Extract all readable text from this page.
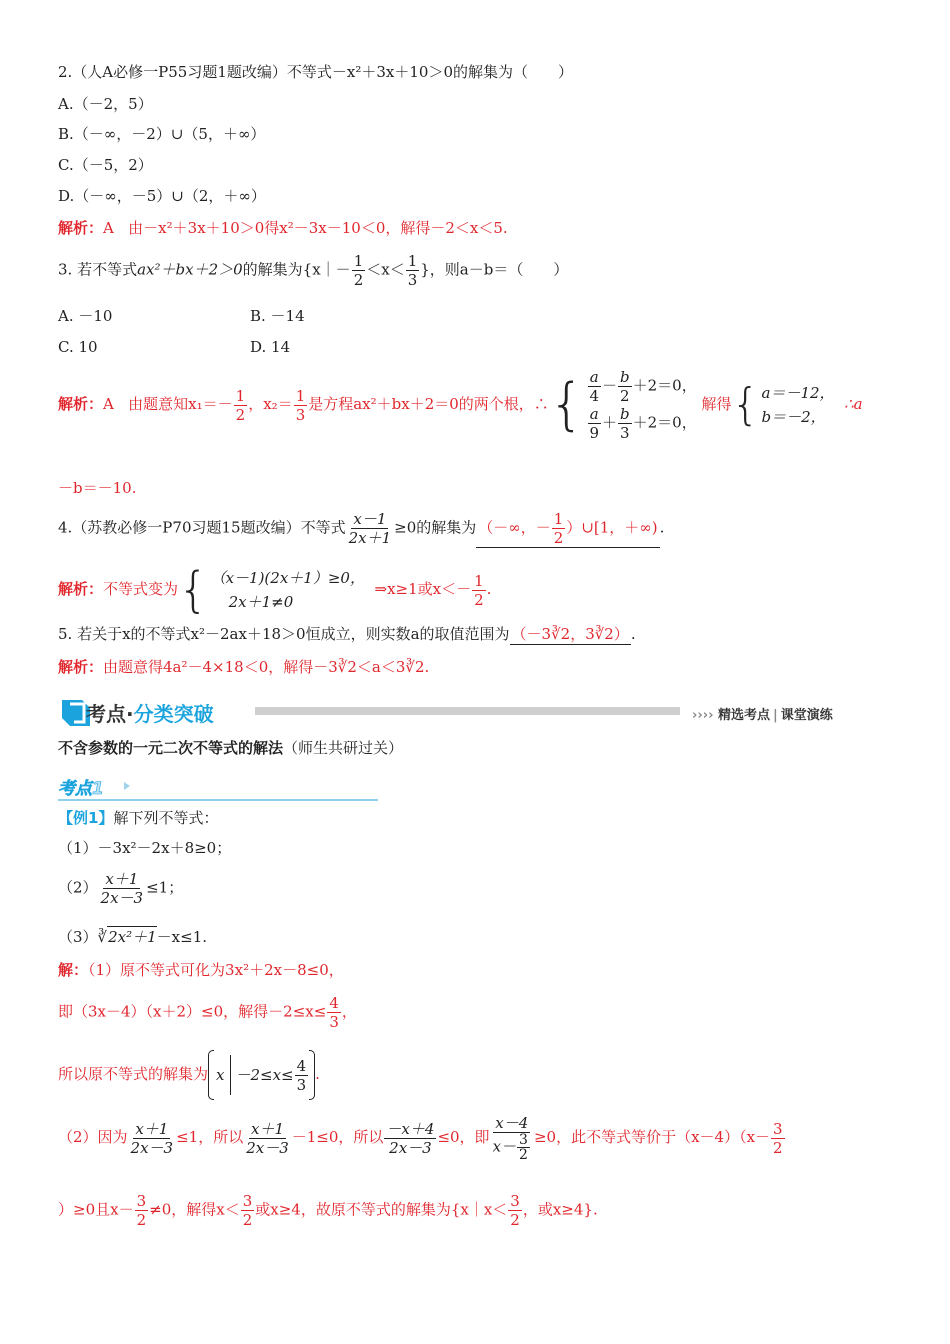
2.（人A必修一P55习题1题改编）不等式－x²＋3x＋10＞0的解集为（　　）
A.（－2，5）
B.（－∞，－2）∪（5，＋∞）
C.（－5，2）
D.（－∞，－5）∪（2，＋∞）
解析：A 由－x²＋3x＋10＞0得x²－3x－10＜0，解得－2＜x＜5.
3. 若不等式ax²＋bx＋2＞0的解集为{x｜－ $\frac{1}{2} <x< \frac{1}{3}$ }，则a－b＝（　　）
A. －10	B. －14
C. 10	D. 14
解析：A 由题意知$x_1=- \frac{1}{2}$ ，$x_2= \frac{1}{3}$ 是方程ax²＋bx＋2＝0的两个根，∴ { $\frac{a}{4} - \frac{b}{2} +2=0$，
$\frac{a}{9} + \frac{b}{3} +2=0$，
解得 { a＝－12，
b＝－2，
∴a
－b＝－10.
4.（苏教必修一P70习题15题改编）不等式 $\frac{x-1}{2x+1} \ge 0$的解集为 （－∞，－ $\frac{1}{2}$ ）∪[1，＋∞) .
解析：不等式变为 { （x－1)(2x＋1）≥0，
2x＋1≠0
⇒x≥1或$x<- \frac{1}{2}$ .
5. 若关于x的不等式x²－2ax＋18＞0恒成立，则实数a的取值范围为 （－3∛2，3∛2） .
解析：由题意得4a²－4×18＜0，解得－3∛2＜a＜3∛2.
考点·分类突破	›››› 精选考点 | 课堂演练
不含参数的一元二次不等式的解法（师生共研过关）
考点1
【例1】解下列不等式：
（1）－3x²－2x＋8≥0；
$(2) \frac{x+1}{2x-3} \le 1$；
（3）∛2x²＋1－x≤1.
解：（1）原不等式可化为3x²＋2x－8≤0，
即（3x－4）（x＋2）≤0，解得$-2\le x\le \frac{4}{3}$ ，
所以原不等式的解集为 $x -2\le x\le \frac{4}{3}$ .
（2）因为 $\frac{x+1}{2x-3} \le 1$，所以 $\frac{x+1}{2x-3} -1\le 0$，所以 $\frac{-x+4}{2x-3} \le 0$，即 $\frac{x-4}{x- \frac{3}{2}} \ge 0$，此不等式等价于$(x-4)(x- \frac{3}{2}$
）≥0且$x- \frac{3}{2} \ne 0$，解得$x< \frac{3}{2}$ 或x≥4，故原不等式的解集为{x｜x＜ $\frac{3}{2}$ ，或x≥4}.
